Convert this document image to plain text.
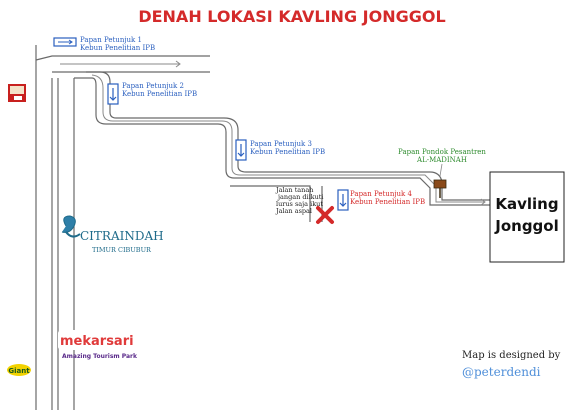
DENAH LOKASI KAVLING JONGGOL
Papan Petunjuk 1
Kebun Penelitian IPB
Papan Petunjuk 2
Kebun Penelitian IPB
Papan Petunjuk 3
Kebun Penelitian IPB
Papan Petunjuk 4
Kebun Penelitian IPB
Jalan tanah
jangan diikuti
lurus saja ikut
Jalan aspal
Papan Pondok Pesantren
AL-MADINAH
Kavling
Jonggol
CITRAINDAH
TIMUR CIBUBUR
mekarsari
Amazing Tourism Park
Giant
Map is designed by
@peterdendi
